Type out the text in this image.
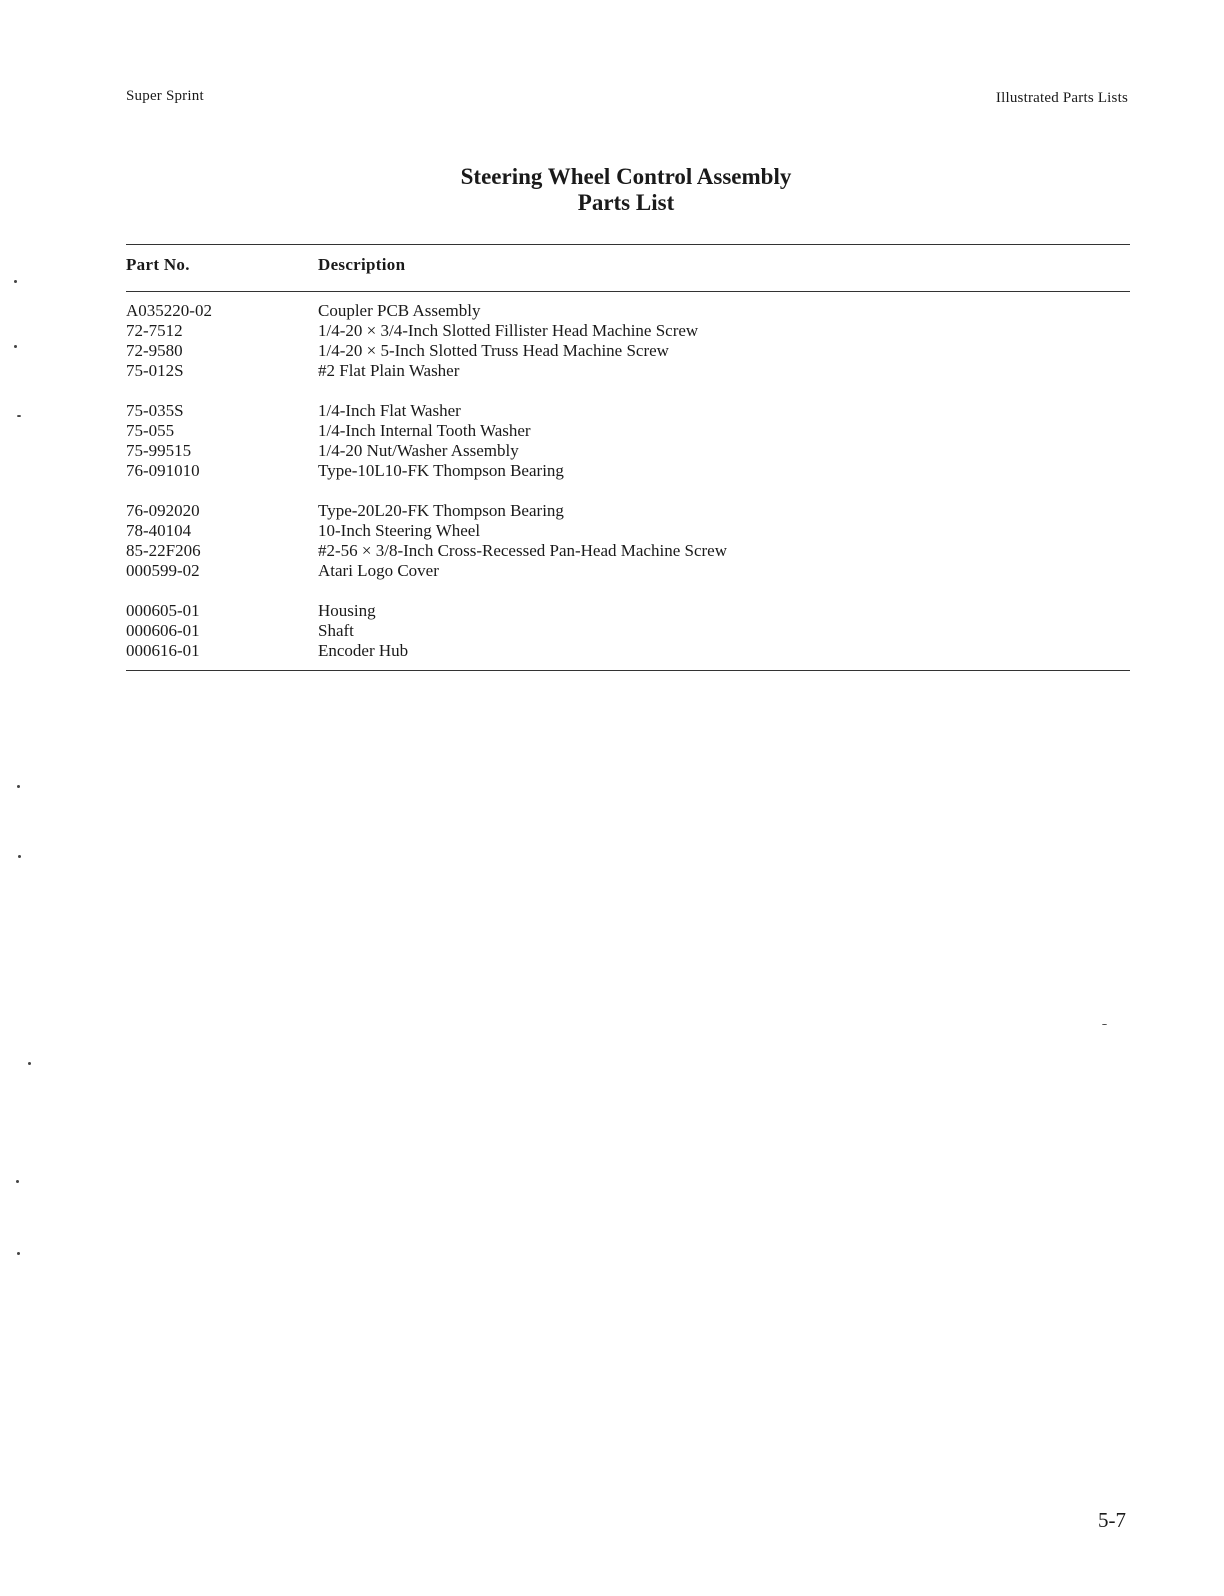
Super Sprint	Illustrated Parts Lists
Steering Wheel Control Assembly
Parts List
Part No.	Description
A035220-02	Coupler PCB Assembly
72-7512	1/4-20 × 3/4-Inch Slotted Fillister Head Machine Screw
72-9580	1/4-20 × 5-Inch Slotted Truss Head Machine Screw
75-012S	#2 Flat Plain Washer
75-035S	1/4-Inch Flat Washer
75-055	1/4-Inch Internal Tooth Washer
75-99515	1/4-20 Nut/Washer Assembly
76-091010	Type-10L10-FK Thompson Bearing
76-092020	Type-20L20-FK Thompson Bearing
78-40104	10-Inch Steering Wheel
85-22F206	#2-56 × 3/8-Inch Cross-Recessed Pan-Head Machine Screw
000599-02	Atari Logo Cover
000605-01	Housing
000606-01	Shaft
000616-01	Encoder Hub
5-7
